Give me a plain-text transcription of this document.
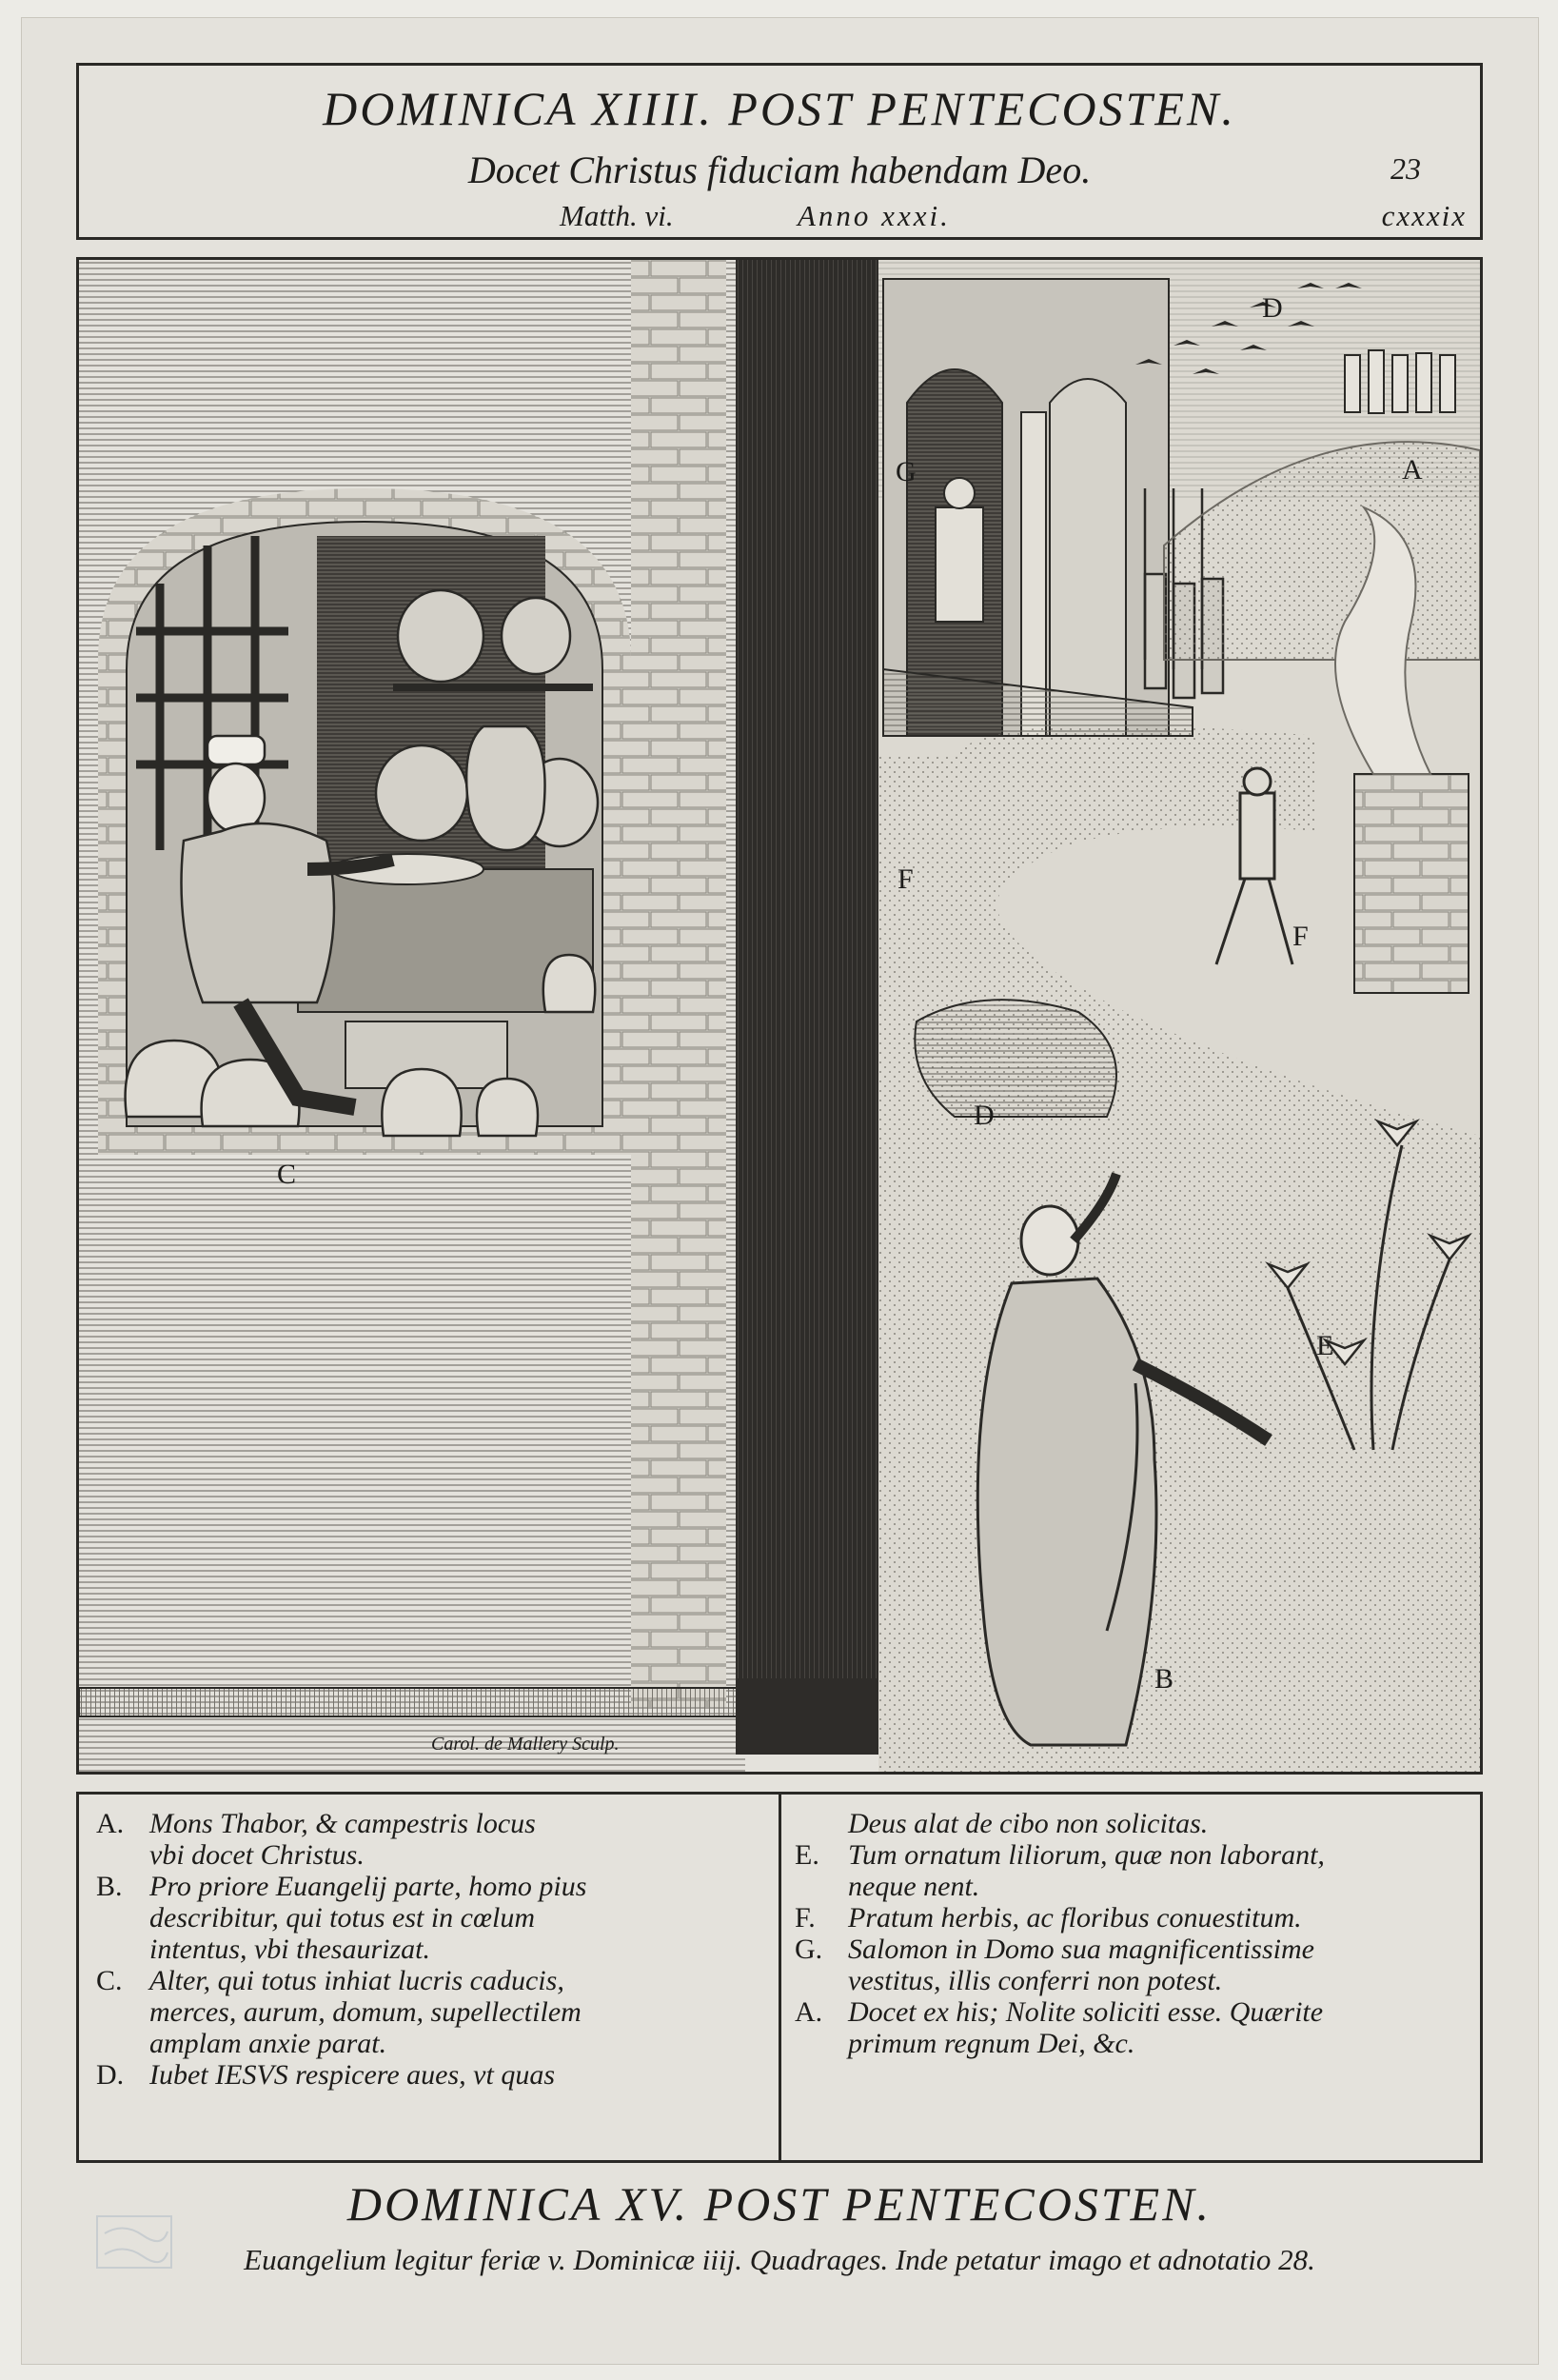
DOMINICA XIIII. POST PENTECOSTEN.
Docet Christus fiduciam habendam Deo.	23
Matth. vi.	Anno xxxi.	cxxxix
A
B
C
D
D
E
F
F
G
Carol. de Mallery Sculp.
A. Mons Thabor, & campestris locus
vbi docet Christus.
B. Pro priore Euangelij parte, homo pius
describitur, qui totus est in cœlum
intentus, vbi thesaurizat.
C. Alter, qui totus inhiat lucris caducis,
merces, aurum, domum, supellectilem
amplam anxie parat.
D. Iubet IESVS respicere aues, vt quas
Deus alat de cibo non solicitas.
E.	Tum ornatum liliorum, quæ non laborant,
neque nent.
F.	Pratum herbis, ac floribus conuestitum.
G. Salomon in Domo sua magnificentissime
vestitus, illis conferri non potest.
A. Docet ex his; Nolite soliciti esse. Quærite
primum regnum Dei, &c.
DOMINICA XV. POST PENTECOSTEN.
Euangelium legitur feriæ v. Dominicæ iiij. Quadrages. Inde petatur imago et adnotatio 28.
